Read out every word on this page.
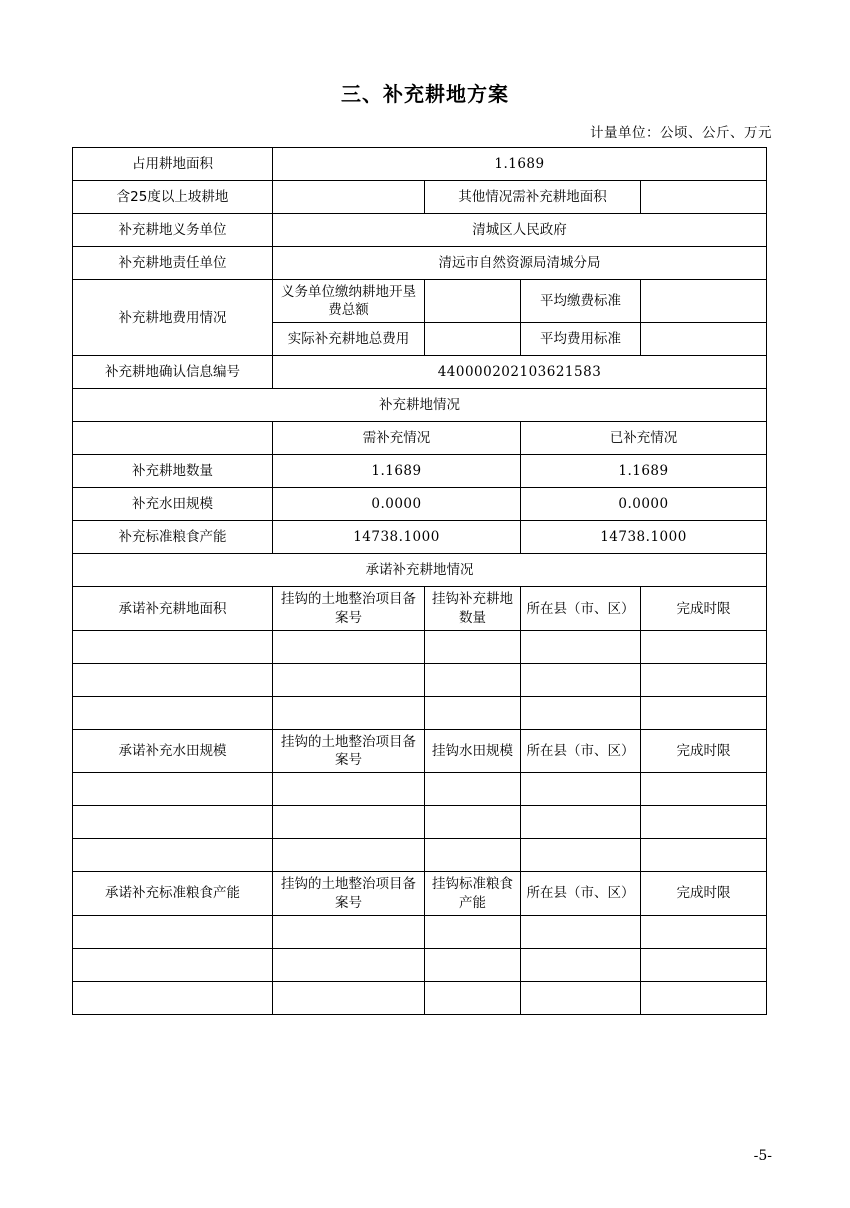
三、补充耕地方案
计量单位：公顷、公斤、万元
占用耕地面积	1.1689			
含25度以上坡耕地		其他情况需补充耕地面积		
补充耕地义务单位	清城区人民政府			
补充耕地责任单位	清远市自然资源局清城分局			
补充耕地费用情况	义务单位缴纳耕地开垦费总额		平均缴费标准	
	实际补充耕地总费用		平均费用标准	
补充耕地确认信息编号	440000202103621583			
补充耕地情况				
	需补充情况		已补充情况	
补充耕地数量	1.1689		1.1689	
补充水田规模	0.0000		0.0000	
补充标准粮食产能	14738.1000		14738.1000	
承诺补充耕地情况				
承诺补充耕地面积	挂钩的土地整治项目备案号	挂钩补充耕地数量	所在县（市、区）	完成时限

承诺补充水田规模	挂钩的土地整治项目备案号	挂钩水田规模	所在县（市、区）	完成时限

承诺补充标准粮食产能	挂钩的土地整治项目备案号	挂钩标准粮食产能	所在县（市、区）	完成时限

-5-
